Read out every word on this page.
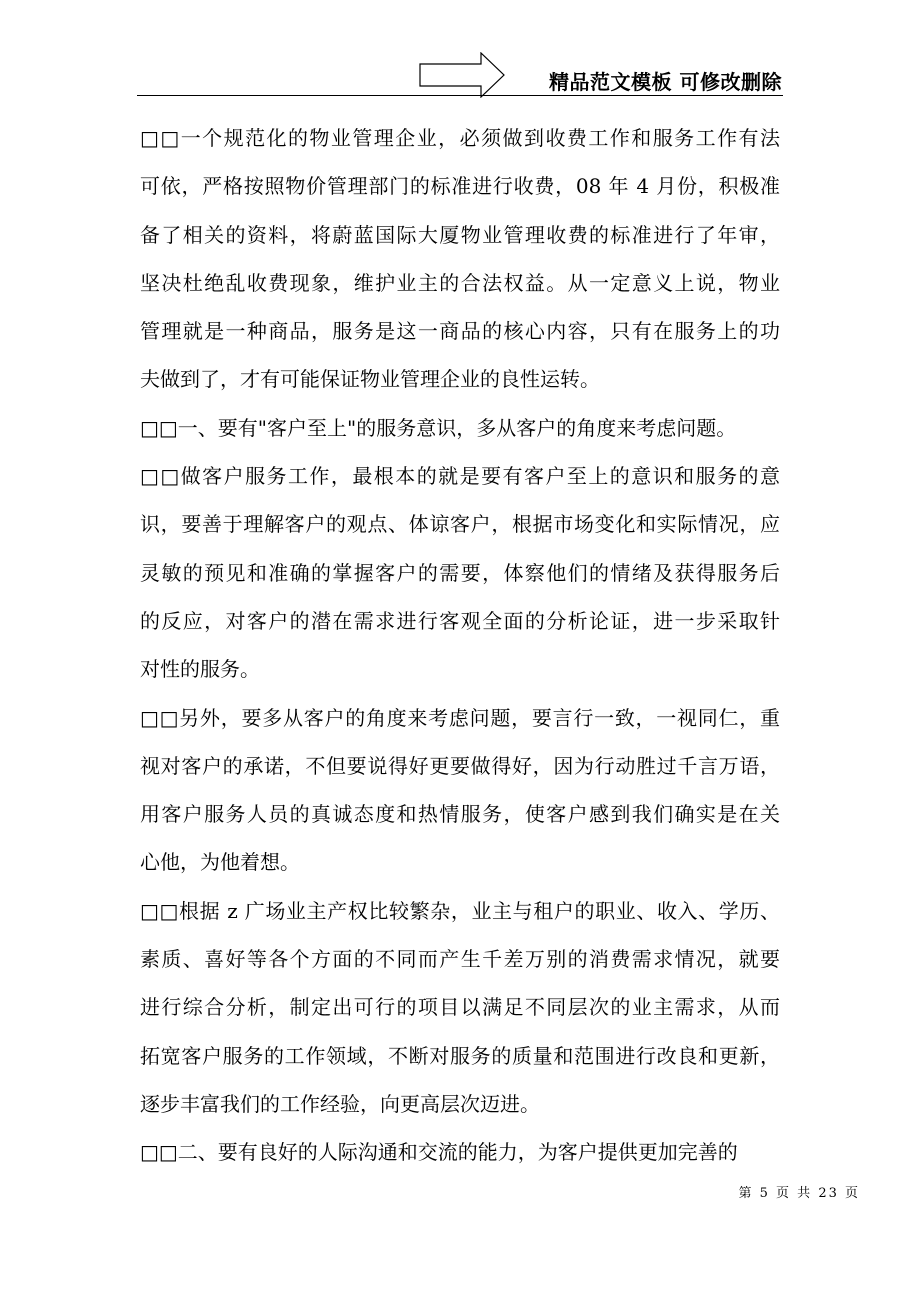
精品范文模板 可修改删除
□□一个规范化的物业管理企业，必须做到收费工作和服务工作有法
可依，严格按照物价管理部门的标准进行收费，08 年 4 月份，积极准
备了相关的资料，将蔚蓝国际大厦物业管理收费的标准进行了年审，
坚决杜绝乱收费现象，维护业主的合法权益。从一定意义上说，物业
管理就是一种商品，服务是这一商品的核心内容，只有在服务上的功
夫做到了，才有可能保证物业管理企业的良性运转。
□□一、要有"客户至上"的服务意识，多从客户的角度来考虑问题。
□□做客户服务工作，最根本的就是要有客户至上的意识和服务的意
识，要善于理解客户的观点、体谅客户，根据市场变化和实际情况，应
灵敏的预见和准确的掌握客户的需要，体察他们的情绪及获得服务后
的反应，对客户的潜在需求进行客观全面的分析论证，进一步采取针
对性的服务。
□□另外，要多从客户的角度来考虑问题，要言行一致，一视同仁，重
视对客户的承诺，不但要说得好更要做得好，因为行动胜过千言万语，
用客户服务人员的真诚态度和热情服务，使客户感到我们确实是在关
心他，为他着想。
□□根据 z 广场业主产权比较繁杂，业主与租户的职业、收入、学历、
素质、喜好等各个方面的不同而产生千差万别的消费需求情况，就要
进行综合分析，制定出可行的项目以满足不同层次的业主需求，从而
拓宽客户服务的工作领域，不断对服务的质量和范围进行改良和更新，
逐步丰富我们的工作经验，向更高层次迈进。
□□二、要有良好的人际沟通和交流的能力，为客户提供更加完善的
第 5 页 共 23 页
